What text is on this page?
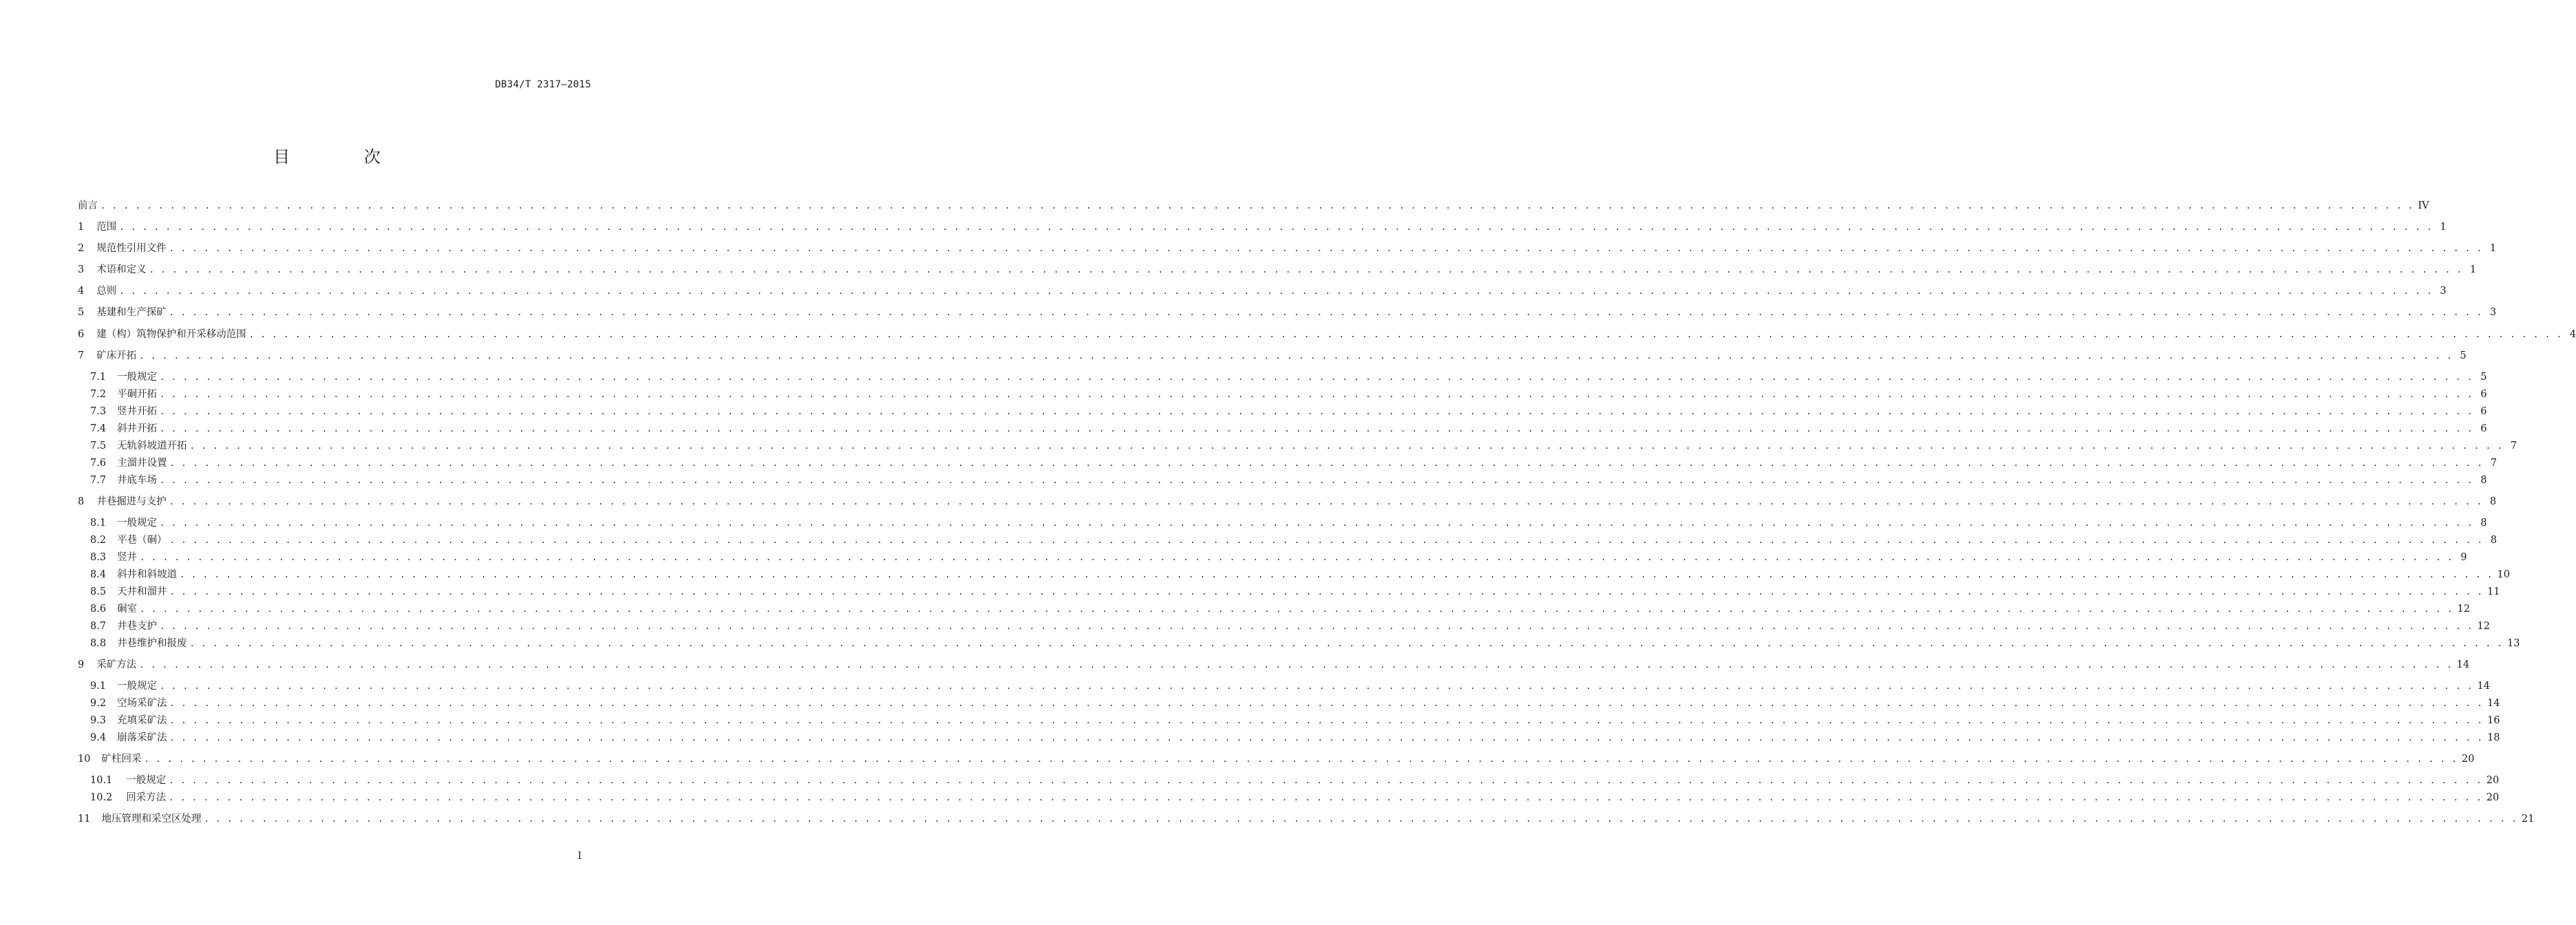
DB34/T 2317—2015
目 次
前言 . . . . . . . . . . . . . . . . . . . . . . . . . . . . . . . . . . . . . . . . . . . . . . . . . . . . . . . . . . . . . . . . . . . . . . . . . . . . . . . . . . . . . . . . . . . . . . . . . . . . . . . . . . . . . . . . . . . . . . . . . . . . . . . . . . . . . . . . . . . . . . . . . . . . . . . . . . . . . . . . . . . . . . . . . . . . . . . . . . . . . . . . . . . . . . . . . . . . . . . . IV
1 范围 . . . . . . . . . . . . . . . . . . . . . . . . . . . . . . . . . . . . . . . . . . . . . . . . . . . . . . . . . . . . . . . . . . . . . . . . . . . . . . . . . . . . . . . . . . . . . . . . . . . . . . . . . . . . . . . . . . . . . . . . . . . . . . . . . . . . . . . . . . . . . . . . . . . . . . . . . . . . . . . . . . . . . . . . . . . . . . . . . . . . . . . . . . . . . . . . . . . . . . . . 1
2 规范性引用文件 . . . . . . . . . . . . . . . . . . . . . . . . . . . . . . . . . . . . . . . . . . . . . . . . . . . . . . . . . . . . . . . . . . . . . . . . . . . . . . . . . . . . . . . . . . . . . . . . . . . . . . . . . . . . . . . . . . . . . . . . . . . . . . . . . . . . . . . . . . . . . . . . . . . . . . . . . . . . . . . . . . . . . . . . . . . . . . . . . . . . . . . . . . . . . . . . . . . . . . . . 1
3 术语和定义 . . . . . . . . . . . . . . . . . . . . . . . . . . . . . . . . . . . . . . . . . . . . . . . . . . . . . . . . . . . . . . . . . . . . . . . . . . . . . . . . . . . . . . . . . . . . . . . . . . . . . . . . . . . . . . . . . . . . . . . . . . . . . . . . . . . . . . . . . . . . . . . . . . . . . . . . . . . . . . . . . . . . . . . . . . . . . . . . . . . . . . . . . . . . . . . . . . . . . . . . 1
4 总则 . . . . . . . . . . . . . . . . . . . . . . . . . . . . . . . . . . . . . . . . . . . . . . . . . . . . . . . . . . . . . . . . . . . . . . . . . . . . . . . . . . . . . . . . . . . . . . . . . . . . . . . . . . . . . . . . . . . . . . . . . . . . . . . . . . . . . . . . . . . . . . . . . . . . . . . . . . . . . . . . . . . . . . . . . . . . . . . . . . . . . . . . . . . . . . . . . . . . . . . . 3
5 基建和生产探矿 . . . . . . . . . . . . . . . . . . . . . . . . . . . . . . . . . . . . . . . . . . . . . . . . . . . . . . . . . . . . . . . . . . . . . . . . . . . . . . . . . . . . . . . . . . . . . . . . . . . . . . . . . . . . . . . . . . . . . . . . . . . . . . . . . . . . . . . . . . . . . . . . . . . . . . . . . . . . . . . . . . . . . . . . . . . . . . . . . . . . . . . . . . . . . . . . . . . . . . . . 3
6 建（构）筑物保护和开采移动范围 . . . . . . . . . . . . . . . . . . . . . . . . . . . . . . . . . . . . . . . . . . . . . . . . . . . . . . . . . . . . . . . . . . . . . . . . . . . . . . . . . . . . . . . . . . . . . . . . . . . . . . . . . . . . . . . . . . . . . . . . . . . . . . . . . . . . . . . . . . . . . . . . . . . . . . . . . . . . . . . . . . . . . . . . . . . . . . . . . . . . . . . . . . . . . . . . . . . . . . . . 4
7 矿床开拓 . . . . . . . . . . . . . . . . . . . . . . . . . . . . . . . . . . . . . . . . . . . . . . . . . . . . . . . . . . . . . . . . . . . . . . . . . . . . . . . . . . . . . . . . . . . . . . . . . . . . . . . . . . . . . . . . . . . . . . . . . . . . . . . . . . . . . . . . . . . . . . . . . . . . . . . . . . . . . . . . . . . . . . . . . . . . . . . . . . . . . . . . . . . . . . . . . . . . . . . . 5
7.1 一般规定 . . . . . . . . . . . . . . . . . . . . . . . . . . . . . . . . . . . . . . . . . . . . . . . . . . . . . . . . . . . . . . . . . . . . . . . . . . . . . . . . . . . . . . . . . . . . . . . . . . . . . . . . . . . . . . . . . . . . . . . . . . . . . . . . . . . . . . . . . . . . . . . . . . . . . . . . . . . . . . . . . . . . . . . . . . . . . . . . . . . . . . . . . . . . . . . . . . . . . . . . 5
7.2 平硐开拓 . . . . . . . . . . . . . . . . . . . . . . . . . . . . . . . . . . . . . . . . . . . . . . . . . . . . . . . . . . . . . . . . . . . . . . . . . . . . . . . . . . . . . . . . . . . . . . . . . . . . . . . . . . . . . . . . . . . . . . . . . . . . . . . . . . . . . . . . . . . . . . . . . . . . . . . . . . . . . . . . . . . . . . . . . . . . . . . . . . . . . . . . . . . . . . . . . . . . . . . . 6
7.3 竖井开拓 . . . . . . . . . . . . . . . . . . . . . . . . . . . . . . . . . . . . . . . . . . . . . . . . . . . . . . . . . . . . . . . . . . . . . . . . . . . . . . . . . . . . . . . . . . . . . . . . . . . . . . . . . . . . . . . . . . . . . . . . . . . . . . . . . . . . . . . . . . . . . . . . . . . . . . . . . . . . . . . . . . . . . . . . . . . . . . . . . . . . . . . . . . . . . . . . . . . . . . . . 6
7.4 斜井开拓 . . . . . . . . . . . . . . . . . . . . . . . . . . . . . . . . . . . . . . . . . . . . . . . . . . . . . . . . . . . . . . . . . . . . . . . . . . . . . . . . . . . . . . . . . . . . . . . . . . . . . . . . . . . . . . . . . . . . . . . . . . . . . . . . . . . . . . . . . . . . . . . . . . . . . . . . . . . . . . . . . . . . . . . . . . . . . . . . . . . . . . . . . . . . . . . . . . . . . . . . 6
7.5 无轨斜坡道开拓 . . . . . . . . . . . . . . . . . . . . . . . . . . . . . . . . . . . . . . . . . . . . . . . . . . . . . . . . . . . . . . . . . . . . . . . . . . . . . . . . . . . . . . . . . . . . . . . . . . . . . . . . . . . . . . . . . . . . . . . . . . . . . . . . . . . . . . . . . . . . . . . . . . . . . . . . . . . . . . . . . . . . . . . . . . . . . . . . . . . . . . . . . . . . . . . . . . . . . . . . 7
7.6 主溜井设置 . . . . . . . . . . . . . . . . . . . . . . . . . . . . . . . . . . . . . . . . . . . . . . . . . . . . . . . . . . . . . . . . . . . . . . . . . . . . . . . . . . . . . . . . . . . . . . . . . . . . . . . . . . . . . . . . . . . . . . . . . . . . . . . . . . . . . . . . . . . . . . . . . . . . . . . . . . . . . . . . . . . . . . . . . . . . . . . . . . . . . . . . . . . . . . . . . . . . . . . . 7
7.7 井底车场 . . . . . . . . . . . . . . . . . . . . . . . . . . . . . . . . . . . . . . . . . . . . . . . . . . . . . . . . . . . . . . . . . . . . . . . . . . . . . . . . . . . . . . . . . . . . . . . . . . . . . . . . . . . . . . . . . . . . . . . . . . . . . . . . . . . . . . . . . . . . . . . . . . . . . . . . . . . . . . . . . . . . . . . . . . . . . . . . . . . . . . . . . . . . . . . . . . . . . . . . 8
8 井巷掘进与支护 . . . . . . . . . . . . . . . . . . . . . . . . . . . . . . . . . . . . . . . . . . . . . . . . . . . . . . . . . . . . . . . . . . . . . . . . . . . . . . . . . . . . . . . . . . . . . . . . . . . . . . . . . . . . . . . . . . . . . . . . . . . . . . . . . . . . . . . . . . . . . . . . . . . . . . . . . . . . . . . . . . . . . . . . . . . . . . . . . . . . . . . . . . . . . . . . . . . . . . . . 8
8.1 一般规定 . . . . . . . . . . . . . . . . . . . . . . . . . . . . . . . . . . . . . . . . . . . . . . . . . . . . . . . . . . . . . . . . . . . . . . . . . . . . . . . . . . . . . . . . . . . . . . . . . . . . . . . . . . . . . . . . . . . . . . . . . . . . . . . . . . . . . . . . . . . . . . . . . . . . . . . . . . . . . . . . . . . . . . . . . . . . . . . . . . . . . . . . . . . . . . . . . . . . . . . . 8
8.2 平巷（硐） . . . . . . . . . . . . . . . . . . . . . . . . . . . . . . . . . . . . . . . . . . . . . . . . . . . . . . . . . . . . . . . . . . . . . . . . . . . . . . . . . . . . . . . . . . . . . . . . . . . . . . . . . . . . . . . . . . . . . . . . . . . . . . . . . . . . . . . . . . . . . . . . . . . . . . . . . . . . . . . . . . . . . . . . . . . . . . . . . . . . . . . . . . . . . . . . . . . . . . . . 8
8.3 竖井 . . . . . . . . . . . . . . . . . . . . . . . . . . . . . . . . . . . . . . . . . . . . . . . . . . . . . . . . . . . . . . . . . . . . . . . . . . . . . . . . . . . . . . . . . . . . . . . . . . . . . . . . . . . . . . . . . . . . . . . . . . . . . . . . . . . . . . . . . . . . . . . . . . . . . . . . . . . . . . . . . . . . . . . . . . . . . . . . . . . . . . . . . . . . . . . . . . . . . . . . 9
8.4 斜井和斜坡道 . . . . . . . . . . . . . . . . . . . . . . . . . . . . . . . . . . . . . . . . . . . . . . . . . . . . . . . . . . . . . . . . . . . . . . . . . . . . . . . . . . . . . . . . . . . . . . . . . . . . . . . . . . . . . . . . . . . . . . . . . . . . . . . . . . . . . . . . . . . . . . . . . . . . . . . . . . . . . . . . . . . . . . . . . . . . . . . . . . . . . . . . . . . . . . . . . . . . . . . . 10
8.5 天井和溜井 . . . . . . . . . . . . . . . . . . . . . . . . . . . . . . . . . . . . . . . . . . . . . . . . . . . . . . . . . . . . . . . . . . . . . . . . . . . . . . . . . . . . . . . . . . . . . . . . . . . . . . . . . . . . . . . . . . . . . . . . . . . . . . . . . . . . . . . . . . . . . . . . . . . . . . . . . . . . . . . . . . . . . . . . . . . . . . . . . . . . . . . . . . . . . . . . . . . . . . . . 11
8.6 硐室 . . . . . . . . . . . . . . . . . . . . . . . . . . . . . . . . . . . . . . . . . . . . . . . . . . . . . . . . . . . . . . . . . . . . . . . . . . . . . . . . . . . . . . . . . . . . . . . . . . . . . . . . . . . . . . . . . . . . . . . . . . . . . . . . . . . . . . . . . . . . . . . . . . . . . . . . . . . . . . . . . . . . . . . . . . . . . . . . . . . . . . . . . . . . . . . . . . . . . . . . 12
8.7 井巷支护 . . . . . . . . . . . . . . . . . . . . . . . . . . . . . . . . . . . . . . . . . . . . . . . . . . . . . . . . . . . . . . . . . . . . . . . . . . . . . . . . . . . . . . . . . . . . . . . . . . . . . . . . . . . . . . . . . . . . . . . . . . . . . . . . . . . . . . . . . . . . . . . . . . . . . . . . . . . . . . . . . . . . . . . . . . . . . . . . . . . . . . . . . . . . . . . . . . . . . . . . 12
8.8 井巷维护和报废 . . . . . . . . . . . . . . . . . . . . . . . . . . . . . . . . . . . . . . . . . . . . . . . . . . . . . . . . . . . . . . . . . . . . . . . . . . . . . . . . . . . . . . . . . . . . . . . . . . . . . . . . . . . . . . . . . . . . . . . . . . . . . . . . . . . . . . . . . . . . . . . . . . . . . . . . . . . . . . . . . . . . . . . . . . . . . . . . . . . . . . . . . . . . . . . . . . . . . . . . 13
9 采矿方法 . . . . . . . . . . . . . . . . . . . . . . . . . . . . . . . . . . . . . . . . . . . . . . . . . . . . . . . . . . . . . . . . . . . . . . . . . . . . . . . . . . . . . . . . . . . . . . . . . . . . . . . . . . . . . . . . . . . . . . . . . . . . . . . . . . . . . . . . . . . . . . . . . . . . . . . . . . . . . . . . . . . . . . . . . . . . . . . . . . . . . . . . . . . . . . . . . . . . . . . . 14
9.1 一般规定 . . . . . . . . . . . . . . . . . . . . . . . . . . . . . . . . . . . . . . . . . . . . . . . . . . . . . . . . . . . . . . . . . . . . . . . . . . . . . . . . . . . . . . . . . . . . . . . . . . . . . . . . . . . . . . . . . . . . . . . . . . . . . . . . . . . . . . . . . . . . . . . . . . . . . . . . . . . . . . . . . . . . . . . . . . . . . . . . . . . . . . . . . . . . . . . . . . . . . . . . 14
9.2 空场采矿法 . . . . . . . . . . . . . . . . . . . . . . . . . . . . . . . . . . . . . . . . . . . . . . . . . . . . . . . . . . . . . . . . . . . . . . . . . . . . . . . . . . . . . . . . . . . . . . . . . . . . . . . . . . . . . . . . . . . . . . . . . . . . . . . . . . . . . . . . . . . . . . . . . . . . . . . . . . . . . . . . . . . . . . . . . . . . . . . . . . . . . . . . . . . . . . . . . . . . . . . . 14
9.3 充填采矿法 . . . . . . . . . . . . . . . . . . . . . . . . . . . . . . . . . . . . . . . . . . . . . . . . . . . . . . . . . . . . . . . . . . . . . . . . . . . . . . . . . . . . . . . . . . . . . . . . . . . . . . . . . . . . . . . . . . . . . . . . . . . . . . . . . . . . . . . . . . . . . . . . . . . . . . . . . . . . . . . . . . . . . . . . . . . . . . . . . . . . . . . . . . . . . . . . . . . . . . . . 16
9.4 崩落采矿法 . . . . . . . . . . . . . . . . . . . . . . . . . . . . . . . . . . . . . . . . . . . . . . . . . . . . . . . . . . . . . . . . . . . . . . . . . . . . . . . . . . . . . . . . . . . . . . . . . . . . . . . . . . . . . . . . . . . . . . . . . . . . . . . . . . . . . . . . . . . . . . . . . . . . . . . . . . . . . . . . . . . . . . . . . . . . . . . . . . . . . . . . . . . . . . . . . . . . . . . . 18
10 矿柱回采 . . . . . . . . . . . . . . . . . . . . . . . . . . . . . . . . . . . . . . . . . . . . . . . . . . . . . . . . . . . . . . . . . . . . . . . . . . . . . . . . . . . . . . . . . . . . . . . . . . . . . . . . . . . . . . . . . . . . . . . . . . . . . . . . . . . . . . . . . . . . . . . . . . . . . . . . . . . . . . . . . . . . . . . . . . . . . . . . . . . . . . . . . . . . . . . . . . . . . . . . 20
10.1 一般规定 . . . . . . . . . . . . . . . . . . . . . . . . . . . . . . . . . . . . . . . . . . . . . . . . . . . . . . . . . . . . . . . . . . . . . . . . . . . . . . . . . . . . . . . . . . . . . . . . . . . . . . . . . . . . . . . . . . . . . . . . . . . . . . . . . . . . . . . . . . . . . . . . . . . . . . . . . . . . . . . . . . . . . . . . . . . . . . . . . . . . . . . . . . . . . . . . . . . . . . . . 20
10.2 回采方法 . . . . . . . . . . . . . . . . . . . . . . . . . . . . . . . . . . . . . . . . . . . . . . . . . . . . . . . . . . . . . . . . . . . . . . . . . . . . . . . . . . . . . . . . . . . . . . . . . . . . . . . . . . . . . . . . . . . . . . . . . . . . . . . . . . . . . . . . . . . . . . . . . . . . . . . . . . . . . . . . . . . . . . . . . . . . . . . . . . . . . . . . . . . . . . . . . . . . . . . . 20
11 地压管理和采空区处理 . . . . . . . . . . . . . . . . . . . . . . . . . . . . . . . . . . . . . . . . . . . . . . . . . . . . . . . . . . . . . . . . . . . . . . . . . . . . . . . . . . . . . . . . . . . . . . . . . . . . . . . . . . . . . . . . . . . . . . . . . . . . . . . . . . . . . . . . . . . . . . . . . . . . . . . . . . . . . . . . . . . . . . . . . . . . . . . . . . . . . . . . . . . . . . . . . . . . . . . . 21
I
